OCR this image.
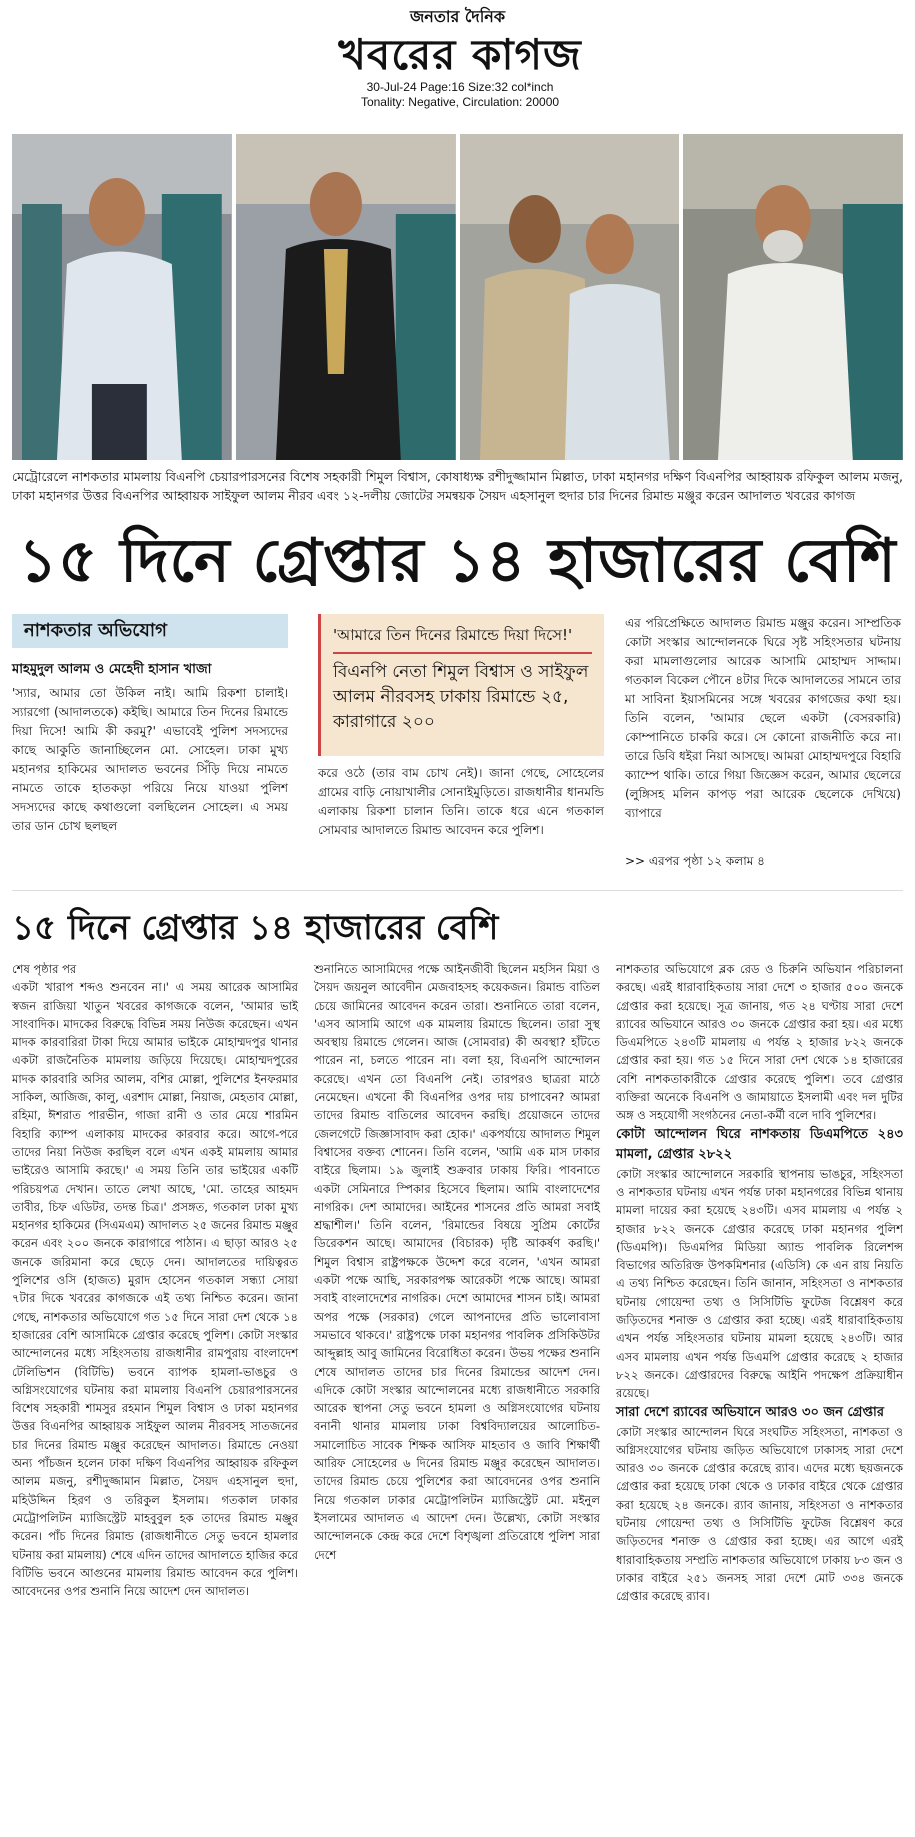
জনতার দৈনিক
খবরের কাগজ
30-Jul-24 Page:16 Size:32 col*inch
Tonality: Negative, Circulation: 20000
মেট্রোরেলে নাশকতার মামলায় বিএনপি চেয়ারপারসনের বিশেষ সহকারী শিমুল বিশ্বাস, কোষাধ্যক্ষ রশীদুজ্জামান মিল্লাত, ঢাকা মহানগর দক্ষিণ বিএনপির আহ্বায়ক রফিকুল আলম মজনু, ঢাকা মহানগর উত্তর বিএনপির আহ্বায়ক সাইফুল আলম নীরব এবং ১২-দলীয় জোটের সমন্বয়ক সৈয়দ এহসানুল হুদার চার দিনের রিমান্ড মঞ্জুর করেন আদালত খবরের কাগজ
১৫ দিনে গ্রেপ্তার ১৪ হাজারের বেশি
নাশকতার অভিযোগ
মাহমুদুল আলম ও মেহেদী হাসান খাজা
'স্যার, আমার তো উকিল নাই। আমি রিকশা চালাই। স্যারগো (আদালতকে) কইছি। আমারে তিন দিনের রিমান্ডে দিয়া দিসে! আমি কী করমু?' এভাবেই পুলিশ সদস্যদের কাছে আকুতি জানাচ্ছিলেন মো. সোহেল। ঢাকা মুখ্য মহানগর হাকিমের আদালত ভবনের সিঁড়ি দিয়ে নামতে নামতে তাকে হাতকড়া পরিয়ে নিয়ে যাওয়া পুলিশ সদস্যদের কাছে কথাগুলো বলছিলেন সোহেল। এ সময় তার ডান চোখ ছলছল
'আমারে তিন দিনের রিমান্ডে দিয়া দিসে!'
বিএনপি নেতা শিমুল বিশ্বাস ও সাইফুল আলম নীরবসহ ঢাকায় রিমান্ডে ২৫, কারাগারে ২০০
করে ওঠে (তার বাম চোখ নেই)। জানা গেছে, সোহেলের গ্রামের বাড়ি নোয়াখালীর সোনাইমুড়িতে। রাজধানীর ধানমন্ডি এলাকায় রিকশা চালান তিনি। তাকে ধরে এনে গতকাল সোমবার আদালতে রিমান্ড আবেদন করে পুলিশ।
এর পরিপ্রেক্ষিতে আদালত রিমান্ড মঞ্জুর করেন। সাম্প্রতিক কোটা সংস্কার আন্দোলনকে ঘিরে সৃষ্ট সহিংসতার ঘটনায় করা মামলাগুলোর আরেক আসামি মোহাম্মদ সাদ্দাম। গতকাল বিকেল পৌনে ৪টার দিকে আদালতের সামনে তার মা সাবিনা ইয়াসমিনের সঙ্গে খবরের কাগজের কথা হয়। তিনি বলেন, 'আমার ছেলে একটা (বেসরকারি) কোম্পানিতে চাকরি করে। সে কোনো রাজনীতি করে না। তারে ডিবি ধইরা নিয়া আসছে। আমরা মোহাম্মদপুরে বিহারি ক্যাম্পে থাকি। তারে গিয়া জিজ্ঞেস করেন, আমার ছেলেরে (লুঙ্গিসহ মলিন কাপড় পরা আরেক ছেলেকে দেখিয়ে) ব্যাপারে
>> এরপর পৃষ্ঠা ১২ কলাম ৪
১৫ দিনে গ্রেপ্তার ১৪ হাজারের বেশি

শেষ পৃষ্ঠার পর

একটা খারাপ শব্দও শুনবেন না।' এ সময় আরেক আসামির স্বজন রাজিয়া খাতুন খবরের কাগজকে বলেন, 'আমার ভাই সাংবাদিক। মাদকের বিরুদ্ধে বিভিন্ন সময় নিউজ করেছেন। এখন মাদক কারবারিরা টাকা দিয়ে আমার ভাইকে মোহাম্মদপুর থানার একটা রাজনৈতিক মামলায় জড়িয়ে দিয়েছে। মোহাম্মদপুরের মাদক কারবারি অসির আলম, বশির মোল্লা, পুলিশের ইনফরমার সাকিল, আজিজ, কালু, এরশাদ মোল্লা, নিয়াজ, মেহতাব মোল্লা, রহিমা, ঈশরাত পারভীন, গাজা রানী ও তার মেয়ে শারমিন বিহারি ক্যাম্প এলাকায় মাদকের কারবার করে। আগে-পরে তাদের নিয়া নিউজ করছিল বলে এখন একই মামলায় আমার ভাইরেও আসামি করছে।' এ সময় তিনি তার ভাইয়ের একটি পরিচয়পত্র দেখান। তাতে লেখা আছে, 'মো. তাহের আহমদ তাবীর, চিফ এডিটর, তদন্ত চিত্র।' প্রসঙ্গত, গতকাল ঢাকা মুখ্য মহানগর হাকিমের (সিএমএম) আদালত ২৫ জনের রিমান্ড মঞ্জুর করেন এবং ২০০ জনকে কারাগারে পাঠান। এ ছাড়া আরও ২৫ জনকে জরিমানা করে ছেড়ে দেন। আদালতের দায়িত্বরত পুলিশের ওসি (হাজত) মুরাদ হোসেন গতকাল সন্ধ্যা সোয়া ৭টার দিকে খবরের কাগজকে এই তথ্য নিশ্চিত করেন। জানা গেছে, নাশকতার অভিযোগে গত ১৫ দিনে সারা দেশ থেকে ১৪ হাজারের বেশি আসামিকে গ্রেপ্তার করেছে পুলিশ। কোটা সংস্কার আন্দোলনের মধ্যে সহিংসতায় রাজধানীর রামপুরায় বাংলাদেশ টেলিভিশন (বিটিভি) ভবনে ব্যাপক হামলা-ভাঙচুর ও অগ্নিসংযোগের ঘটনায় করা মামলায় বিএনপি চেয়ারপারসনের বিশেষ সহকারী শামসুর রহমান শিমুল বিশ্বাস ও ঢাকা মহানগর উত্তর বিএনপির আহ্বায়ক সাইফুল আলম নীরবসহ সাতজনের চার দিনের রিমান্ড মঞ্জুর করেছেন আদালত। রিমান্ডে নেওয়া অন্য পাঁচজন হলেন ঢাকা দক্ষিণ বিএনপির আহ্বায়ক রফিকুল আলম মজনু, রশীদুজ্জামান মিল্লাত, সৈয়দ এহসানুল হুদা, মহিউদ্দিন হিরণ ও তরিকুল ইসলাম। গতকাল ঢাকার মেট্রোপলিটন ম্যাজিস্ট্রেট মাহবুবুল হক তাদের রিমান্ড মঞ্জুর করেন। পাঁচ দিনের রিমান্ড (রাজধানীতে সেতু ভবনে হামলার ঘটনায় করা মামলায়) শেষে এদিন তাদের আদালতে হাজির করে বিটিভি ভবনে আগুনের মামলায় রিমান্ড আবেদন করে পুলিশ। আবেদনের ওপর শুনানি নিয়ে আদেশ দেন আদালত।

শুনানিতে আসামিদের পক্ষে আইনজীবী ছিলেন মহসিন মিয়া ও সৈয়দ জয়নুল আবেদীন মেজবাহসহ কয়েকজন। রিমান্ড বাতিল চেয়ে জামিনের আবেদন করেন তারা। শুনানিতে তারা বলেন, 'এসব আসামি আগে এক মামলায় রিমান্ডে ছিলেন। তারা সুস্থ অবস্থায় রিমান্ডে গেলেন। আজ (সোমবার) কী অবস্থা? হাঁটতে পারেন না, চলতে পারেন না। বলা হয়, বিএনপি আন্দোলন করেছে। এখন তো বিএনপি নেই। তারপরও ছাত্ররা মাঠে নেমেছেন। এখনো কী বিএনপির ওপর দায় চাপাবেন? আমরা তাদের রিমান্ড বাতিলের আবেদন করছি। প্রয়োজনে তাদের জেলগেটে জিজ্ঞাসাবাদ করা হোক।' একপর্যায়ে আদালত শিমুল বিশ্বাসের বক্তব্য শোনেন। তিনি বলেন, 'আমি এক মাস ঢাকার বাইরে ছিলাম। ১৯ জুলাই শুক্রবার ঢাকায় ফিরি। পাবনাতে একটা সেমিনারে স্পিকার হিসেবে ছিলাম। আমি বাংলাদেশের নাগরিক। দেশ আমাদের। আইনের শাসনের প্রতি আমরা সবাই শ্রদ্ধাশীল।' তিনি বলেন, 'রিমান্ডের বিষয়ে সুপ্রিম কোর্টের ডিরেকশন আছে। আমাদের (বিচারক) দৃষ্টি আকর্ষণ করছি।' শিমুল বিশ্বাস রাষ্ট্রপক্ষকে উদ্দেশ করে বলেন, 'এখন আমরা একটা পক্ষে আছি, সরকারপক্ষ আরেকটা পক্ষে আছে। আমরা সবাই বাংলাদেশের নাগরিক। দেশে আমাদের শাসন চাই। আমরা অপর পক্ষে (সরকার) গেলে আপনাদের প্রতি ভালোবাসা সমভাবে থাকবে।' রাষ্ট্রপক্ষে ঢাকা মহানগর পাবলিক প্রসিকিউটর আব্দুল্লাহ আবু জামিনের বিরোধিতা করেন। উভয় পক্ষের শুনানি শেষে আদালত তাদের চার দিনের রিমান্ডের আদেশ দেন। এদিকে কোটা সংস্কার আন্দোলনের মধ্যে রাজধানীতে সরকারি আরেক স্থাপনা সেতু ভবনে হামলা ও অগ্নিসংযোগের ঘটনায় বনানী থানার মামলায় ঢাকা বিশ্ববিদ্যালয়ের আলোচিত-সমালোচিত সাবেক শিক্ষক আসিফ মাহতাব ও জাবি শিক্ষার্থী আরিফ সোহেলের ৬ দিনের রিমান্ড মঞ্জুর করেছেন আদালত। তাদের রিমান্ড চেয়ে পুলিশের করা আবেদনের ওপর শুনানি নিয়ে গতকাল ঢাকার মেট্রোপলিটন ম্যাজিস্ট্রেট মো. মইনুল ইসলামের আদালত এ আদেশ দেন। উল্লেখ্য, কোটা সংস্কার আন্দোলনকে কেন্দ্র করে দেশে বিশৃঙ্খলা প্রতিরোধে পুলিশ সারা দেশে

নাশকতার অভিযোগে ব্লক রেড ও চিরুনি অভিযান পরিচালনা করছে। এরই ধারাবাহিকতায় সারা দেশে ৩ হাজার ৫০০ জনকে গ্রেপ্তার করা হয়েছে। সূত্র জানায়, গত ২৪ ঘণ্টায় সারা দেশে র‍্যাবের অভিযানে আরও ৩০ জনকে গ্রেপ্তার করা হয়। এর মধ্যে ডিএমপিতে ২৪৩টি মামলায় এ পর্যন্ত ২ হাজার ৮২২ জনকে গ্রেপ্তার করা হয়। গত ১৫ দিনে সারা দেশ থেকে ১৪ হাজারের বেশি নাশকতাকারীকে গ্রেপ্তার করেছে পুলিশ। তবে গ্রেপ্তার ব্যক্তিরা অনেকে বিএনপি ও জামায়াতে ইসলামী এবং দল দুটির অঙ্গ ও সহযোগী সংগঠনের নেতা-কর্মী বলে দাবি পুলিশের।

কোটা আন্দোলন ঘিরে নাশকতায় ডিএমপিতে ২৪৩ মামলা, গ্রেপ্তার ২৮২২

কোটা সংস্কার আন্দোলনে সরকারি স্থাপনায় ভাঙচুর, সহিংসতা ও নাশকতার ঘটনায় এখন পর্যন্ত ঢাকা মহানগরের বিভিন্ন থানায় মামলা দায়ের করা হয়েছে ২৪৩টি। এসব মামলায় এ পর্যন্ত ২ হাজার ৮২২ জনকে গ্রেপ্তার করেছে ঢাকা মহানগর পুলিশ (ডিএমপি)। ডিএমপির মিডিয়া অ্যান্ড পাবলিক রিলেশন্স বিভাগের অতিরিক্ত উপকমিশনার (এডিসি) কে এন রায় নিয়তি এ তথ্য নিশ্চিত করেছেন। তিনি জানান, সহিংসতা ও নাশকতার ঘটনায় গোয়েন্দা তথ্য ও সিসিটিভি ফুটেজ বিশ্লেষণ করে জড়িতদের শনাক্ত ও গ্রেপ্তার করা হচ্ছে। এরই ধারাবাহিকতায় এখন পর্যন্ত সহিংসতার ঘটনায় মামলা হয়েছে ২৪৩টি। আর এসব মামলায় এখন পর্যন্ত ডিএমপি গ্রেপ্তার করেছে ২ হাজার ৮২২ জনকে। গ্রেপ্তারদের বিরুদ্ধে আইনি পদক্ষেপ প্রক্রিয়াধীন রয়েছে।

সারা দেশে র‍্যাবের অভিযানে আরও ৩০ জন গ্রেপ্তার

কোটা সংস্কার আন্দোলন ঘিরে সংঘটিত সহিংসতা, নাশকতা ও অগ্নিসংযোগের ঘটনায় জড়িত অভিযোগে ঢাকাসহ সারা দেশে আরও ৩০ জনকে গ্রেপ্তার করেছে র‍্যাব। এদের মধ্যে ছয়জনকে গ্রেপ্তার করা হয়েছে ঢাকা থেকে ও ঢাকার বাইরে থেকে গ্রেপ্তার করা হয়েছে ২৪ জনকে। র‍্যাব জানায়, সহিংসতা ও নাশকতার ঘটনায় গোয়েন্দা তথ্য ও সিসিটিভি ফুটেজ বিশ্লেষণ করে জড়িতদের শনাক্ত ও গ্রেপ্তার করা হচ্ছে। এর আগে এরই ধারাবাহিকতায় সম্প্রতি নাশকতার অভিযোগে ঢাকায় ৮৩ জন ও ঢাকার বাইরে ২৫১ জনসহ সারা দেশে মোট ৩৩৪ জনকে গ্রেপ্তার করেছে র‍্যাব।
